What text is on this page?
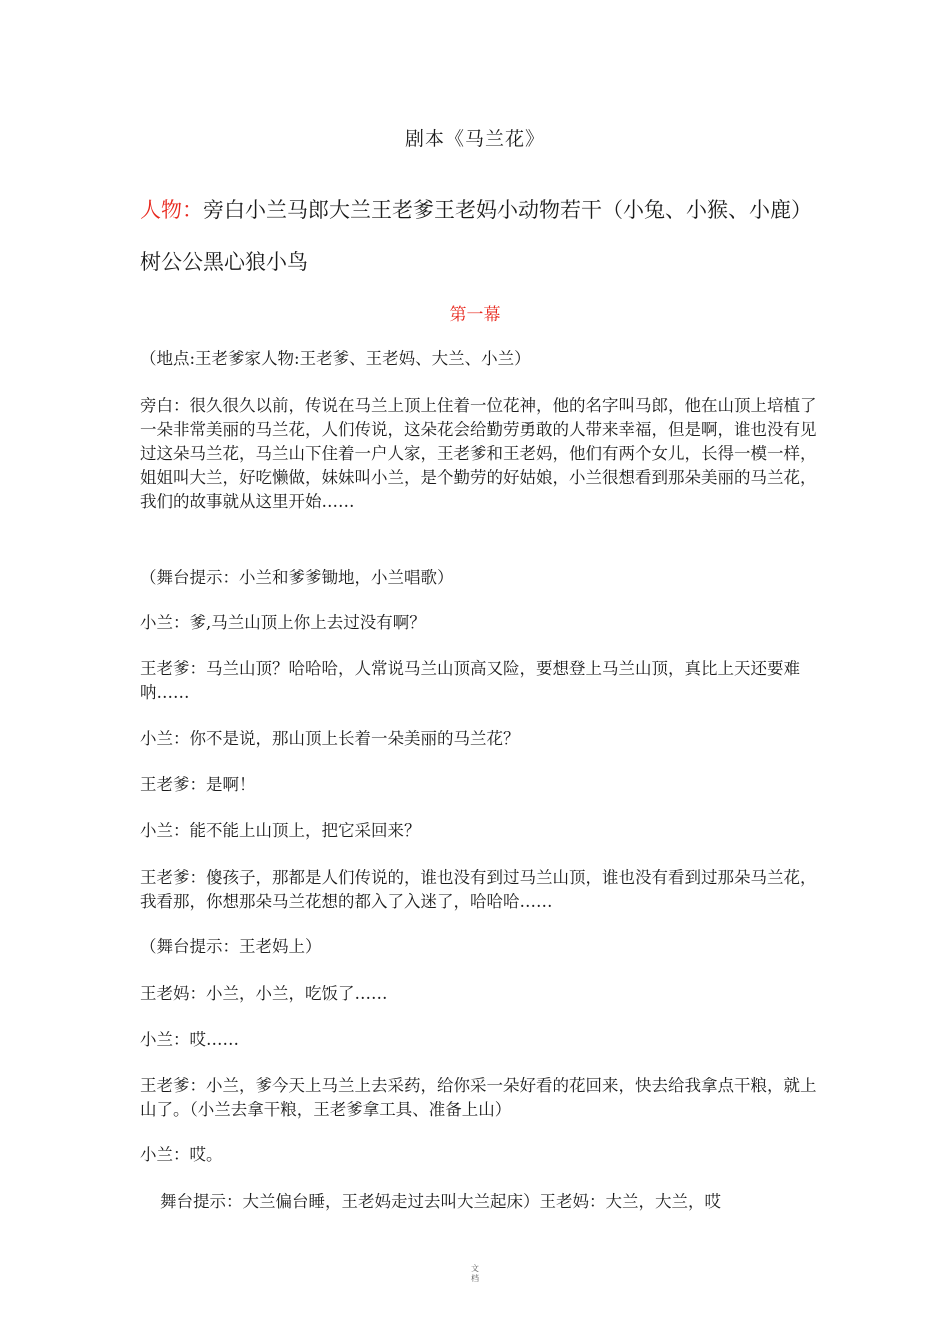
剧本《马兰花》
人物：旁白小兰马郎大兰王老爹王老妈小动物若干（小兔、小猴、小鹿）树公公黑心狼小鸟
第一幕

（地点:王老爹家人物:王老爹、王老妈、大兰、小兰）

旁白：很久很久以前，传说在马兰上顶上住着一位花神，他的名字叫马郎，他在山顶上培植了一朵非常美丽的马兰花，人们传说，这朵花会给勤劳勇敢的人带来幸福，但是啊，谁也没有见过这朵马兰花，马兰山下住着一户人家，王老爹和王老妈，他们有两个女儿，长得一模一样，姐姐叫大兰，好吃懒做，妹妹叫小兰，是个勤劳的好姑娘，小兰很想看到那朵美丽的马兰花，我们的故事就从这里开始……

（舞台提示：小兰和爹爹锄地，小兰唱歌）

小兰：爹,马兰山顶上你上去过没有啊？

王老爹：马兰山顶？哈哈哈，人常说马兰山顶高又险，要想登上马兰山顶，真比上天还要难呐……

小兰：你不是说，那山顶上长着一朵美丽的马兰花？

王老爹：是啊！

小兰：能不能上山顶上，把它采回来？

王老爹：傻孩子，那都是人们传说的，谁也没有到过马兰山顶，谁也没有看到过那朵马兰花，我看那，你想那朵马兰花想的都入了入迷了，哈哈哈……

（舞台提示：王老妈上）

王老妈：小兰，小兰，吃饭了……

小兰：哎……

王老爹：小兰，爹今天上马兰上去采药，给你采一朵好看的花回来，快去给我拿点干粮，就上山了。（小兰去拿干粮，王老爹拿工具、准备上山）

小兰：哎。

舞台提示：大兰偏台睡，王老妈走过去叫大兰起床）王老妈：大兰，大兰，哎
文
档
